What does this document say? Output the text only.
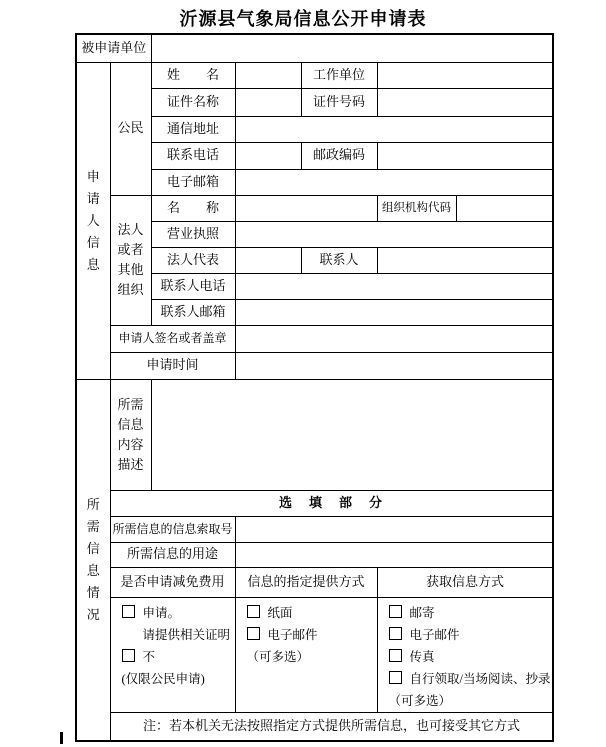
沂源县气象局信息公开申请表
被申请单位						
申请人信息	公民	姓　　名		工作单位		
		证件名称		证件号码		
		通信地址				
		联系电话		邮政编码		
		电子邮箱				
	法人或者其他组织	名　　称			组织机构代码	
		营业执照				
		法人代表		联系人		
		联系人电话				
		联系人邮箱				
	申请人签名或者盖章					
	申请时间					
所需信息情况	所需信息内容描述					
	选　填　部　分					
	所需信息的信息索取号					
	所需信息的用途					
	是否申请减免费用		信息的指定提供方式		获取信息方式	

申请。
请提供相关证明
不
(仅限公民申请)

纸面
电子邮件
（可多选）

邮寄
电子邮件
传真
自行领取/当场阅读、抄录
（可多选）

	注：若本机关无法按照指定方式提供所需信息，也可接受其它方式					
